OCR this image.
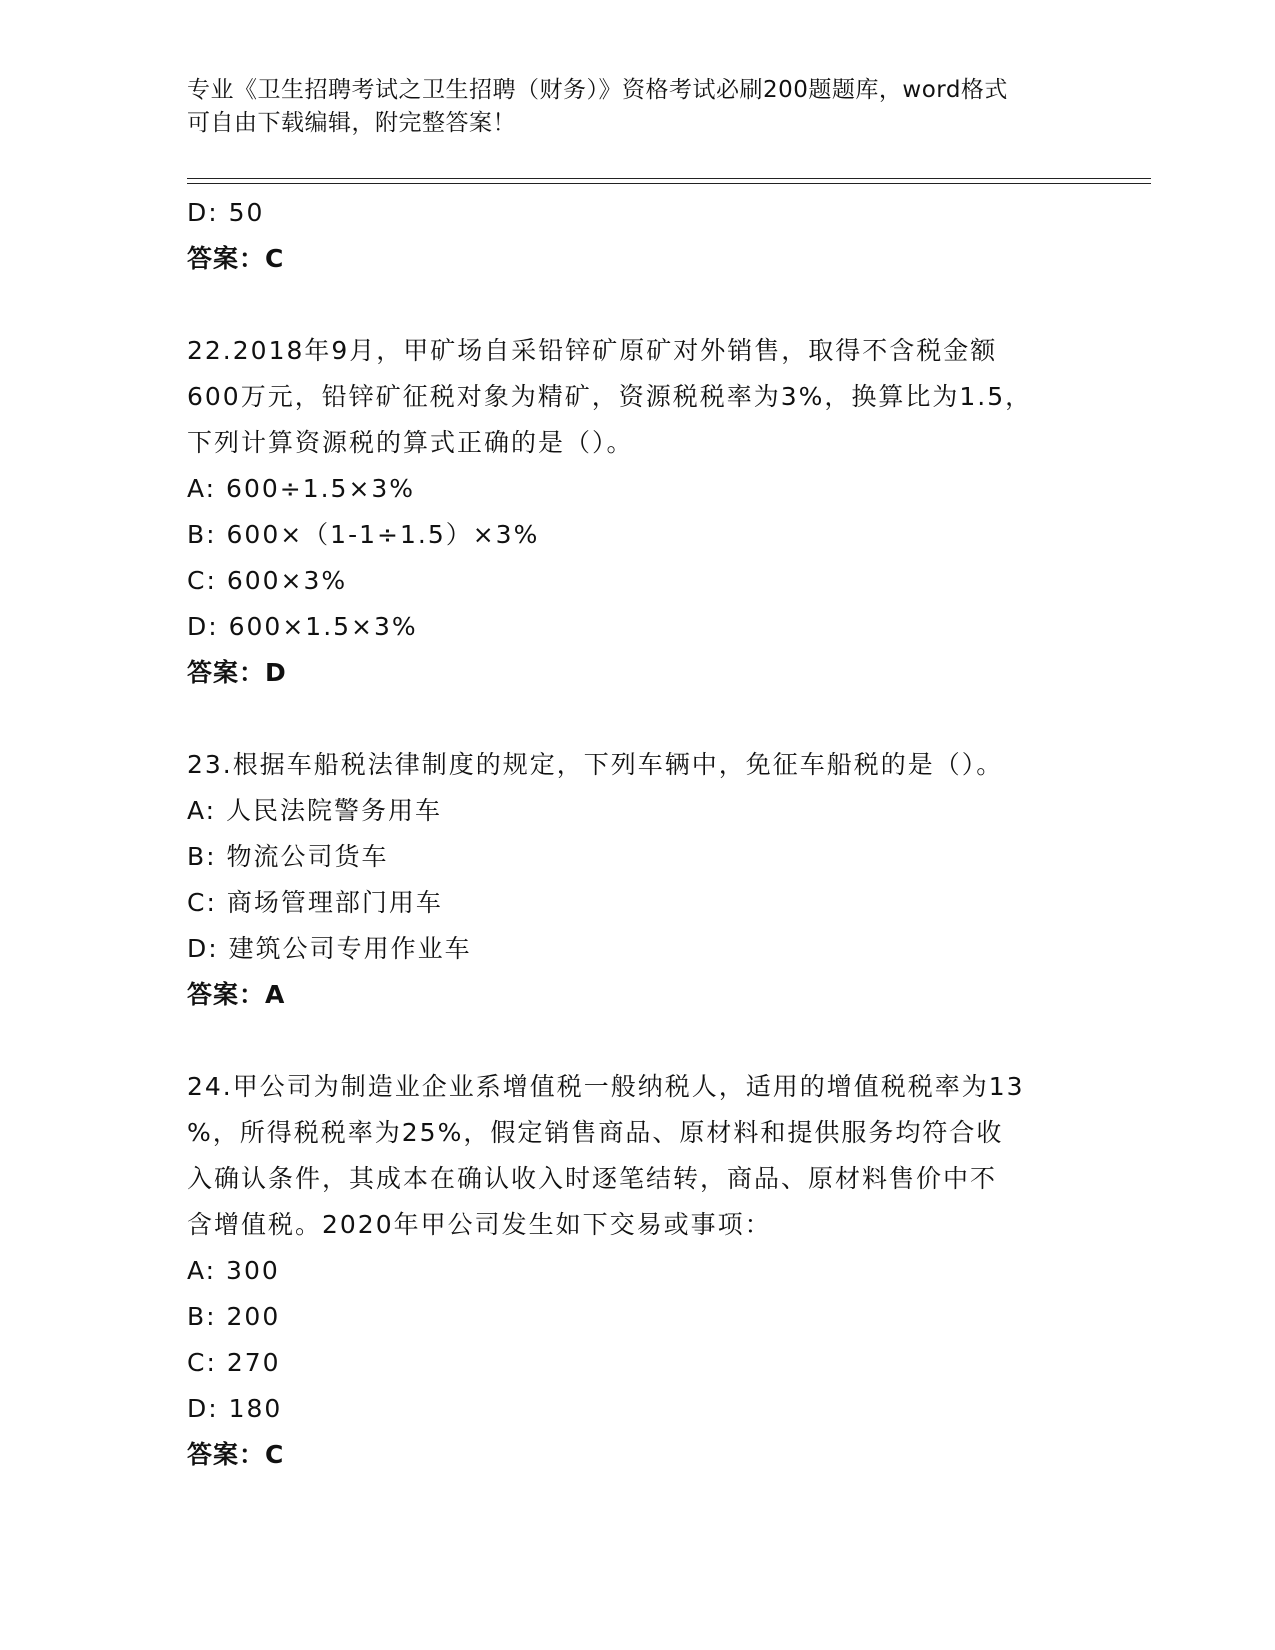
专业《卫生招聘考试之卫生招聘（财务）》资格考试必刷200题题库，word格式
可自由下载编辑，附完整答案！
D: 50
答案：C
22.2018年9月，甲矿场自采铅锌矿原矿对外销售，取得不含税金额
600万元，铅锌矿征税对象为精矿，资源税税率为3%，换算比为1.5，
下列计算资源税的算式正确的是（）。
A: 600÷1.5×3%
B: 600×（1-1÷1.5）×3%
C: 600×3%
D: 600×1.5×3%
答案：D
23.根据车船税法律制度的规定，下列车辆中，免征车船税的是（）。
A: 人民法院警务用车
B: 物流公司货车
C: 商场管理部门用车
D: 建筑公司专用作业车
答案：A
24.甲公司为制造业企业系增值税一般纳税人，适用的增值税税率为13
%，所得税税率为25%，假定销售商品、原材料和提供服务均符合收
入确认条件，其成本在确认收入时逐笔结转，商品、原材料售价中不
含增值税。2020年甲公司发生如下交易或事项：
A: 300
B: 200
C: 270
D: 180
答案：C
